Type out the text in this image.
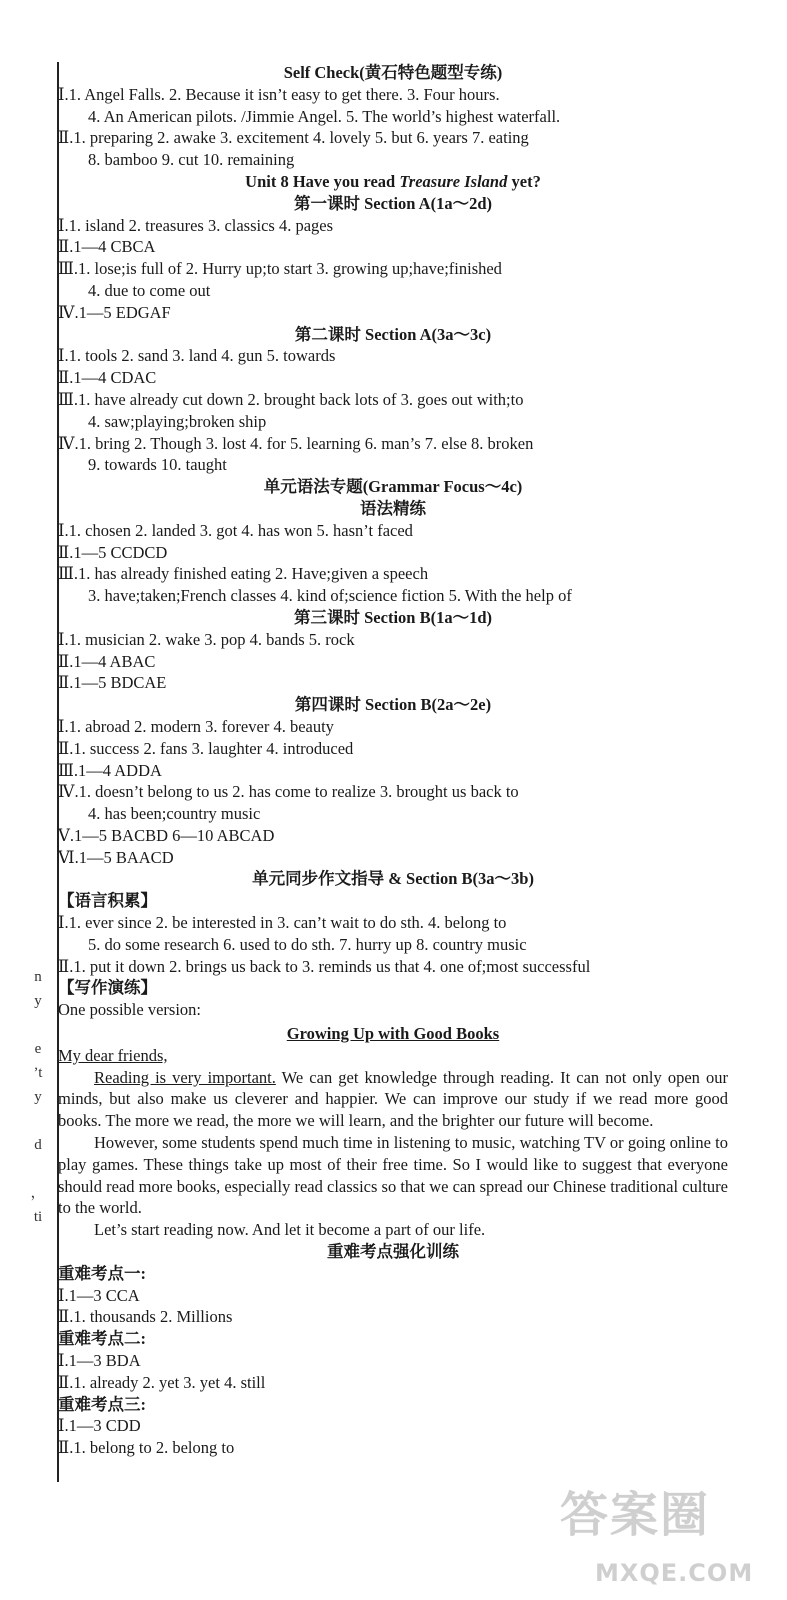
Self Check(黄石特色题型专练)
Ⅰ.1. Angel Falls. 2. Because it isn’t easy to get there. 3. Four hours.
4. An American pilots. /Jimmie Angel. 5. The world’s highest waterfall.
Ⅱ.1. preparing 2. awake 3. excitement 4. lovely 5. but 6. years 7. eating
8. bamboo 9. cut 10. remaining
Unit 8 Have you read Treasure Island yet?
第一课时 Section A(1a～2d)
Ⅰ.1. island 2. treasures 3. classics 4. pages
Ⅱ.1—4 CBCA
Ⅲ.1. lose;is full of 2. Hurry up;to start 3. growing up;have;finished
4. due to come out
Ⅳ.1—5 EDGAF
第二课时 Section A(3a～3c)
Ⅰ.1. tools 2. sand 3. land 4. gun 5. towards
Ⅱ.1—4 CDAC
Ⅲ.1. have already cut down 2. brought back lots of 3. goes out with;to
4. saw;playing;broken ship
Ⅳ.1. bring 2. Though 3. lost 4. for 5. learning 6. man’s 7. else 8. broken
9. towards 10. taught
单元语法专题(Grammar Focus～4c)
语法精练
Ⅰ.1. chosen 2. landed 3. got 4. has won 5. hasn’t faced
Ⅱ.1—5 CCDCD
Ⅲ.1. has already finished eating 2. Have;given a speech
3. have;taken;French classes 4. kind of;science fiction 5. With the help of
第三课时 Section B(1a～1d)
Ⅰ.1. musician 2. wake 3. pop 4. bands 5. rock
Ⅱ.1—4 ABAC
Ⅱ.1—5 BDCAE
第四课时 Section B(2a～2e)
Ⅰ.1. abroad 2. modern 3. forever 4. beauty
Ⅱ.1. success 2. fans 3. laughter 4. introduced
Ⅲ.1—4 ADDA
Ⅳ.1. doesn’t belong to us 2. has come to realize 3. brought us back to
4. has been;country music
Ⅴ.1—5 BACBD 6—10 ABCAD
Ⅵ.1—5 BAACD
单元同步作文指导 & Section B(3a～3b)
【语言积累】
Ⅰ.1. ever since 2. be interested in 3. can’t wait to do sth. 4. belong to
5. do some research 6. used to do sth. 7. hurry up 8. country music
Ⅱ.1. put it down 2. brings us back to 3. reminds us that 4. one of;most successful
【写作演练】
One possible version:
Growing Up with Good Books
My dear friends,
Reading is very important. We can get knowledge through reading. It can not only open our minds, but also make us cleverer and happier. We can improve our study if we read more good books. The more we read, the more we will learn, and the brighter our future will become.
However, some students spend much time in listening to music, watching TV or going online to play games. These things take up most of their free time. So I would like to suggest that everyone should read more books, especially read classics so that we can spread our Chinese traditional culture to the world.
Let’s start reading now. And let it become a part of our life.
重难考点强化训练
重难考点一:
Ⅰ.1—3 CCA
Ⅱ.1. thousands 2. Millions
重难考点二:
Ⅰ.1—3 BDA
Ⅱ.1. already 2. yet 3. yet 4. still
重难考点三:
Ⅰ.1—3 CDD
Ⅱ.1. belong to 2. belong to
n
y
e
’t
y
d
，
ti
答案圈
MXQE.COM
